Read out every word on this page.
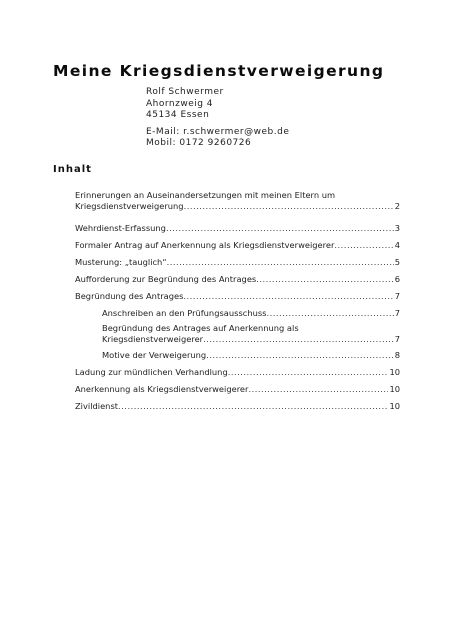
Meine Kriegsdienstverweigerung
Rolf Schwermer
Ahornzweig 4
45134 Essen
E-Mail: r.schwermer@web.de
Mobil: 0172 9260726
Inhalt
Erinnerungen an Auseinandersetzungen mit meinen Eltern um
Kriegsdienstverweigerung .....	2
Wehrdienst-Erfassung .....	3
Formaler Antrag auf Anerkennung als Kriegsdienstverweigerer .....	4
Musterung: „tauglich“ .....	5
Aufforderung zur Begründung des Antrages .....	6
Begründung des Antrages .....	7
Anschreiben an den Prüfungsausschuss .....	7
Begründung des Antrages auf Anerkennung als
Kriegsdienstverweigerer .....	7
Motive der Verweigerung .....	8
Ladung zur mündlichen Verhandlung .....	10
Anerkennung als Kriegsdienstverweigerer .....	10
Zivildienst .....	10
